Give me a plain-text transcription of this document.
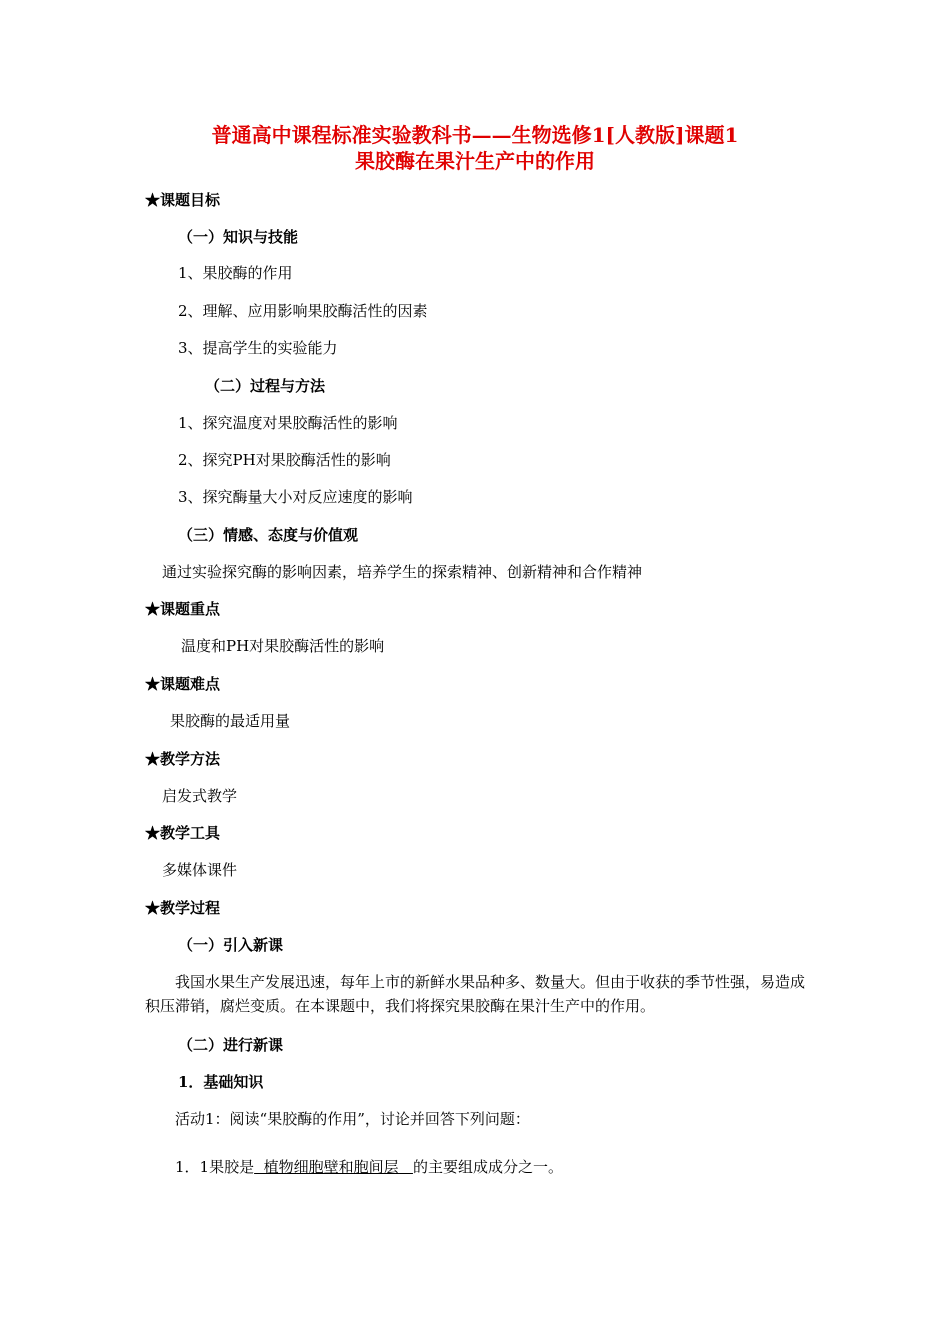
普通高中课程标准实验教科书——生物选修1[人教版]课题1
果胶酶在果汁生产中的作用
★课题目标
（一）知识与技能
1、果胶酶的作用
2、理解、应用影响果胶酶活性的因素
3、提高学生的实验能力
（二）过程与方法
1、探究温度对果胶酶活性的影响
2、探究PH对果胶酶活性的影响
3、探究酶量大小对反应速度的影响
（三）情感、态度与价值观
通过实验探究酶的影响因素，培养学生的探索精神、创新精神和合作精神
★课题重点
温度和PH对果胶酶活性的影响
★课题难点
果胶酶的最适用量
★教学方法
启发式教学
★教学工具
多媒体课件
★教学过程
（一）引入新课
我国水果生产发展迅速，每年上市的新鲜水果品种多、数量大。但由于收获的季节性强，易造成积压滞销，腐烂变质。在本课题中，我们将探究果胶酶在果汁生产中的作用。
（二）进行新课
1．基础知识
活动1：阅读“果胶酶的作用”，讨论并回答下列问题：
1．1果胶是  植物细胞壁和胞间层   的主要组成成分之一。
